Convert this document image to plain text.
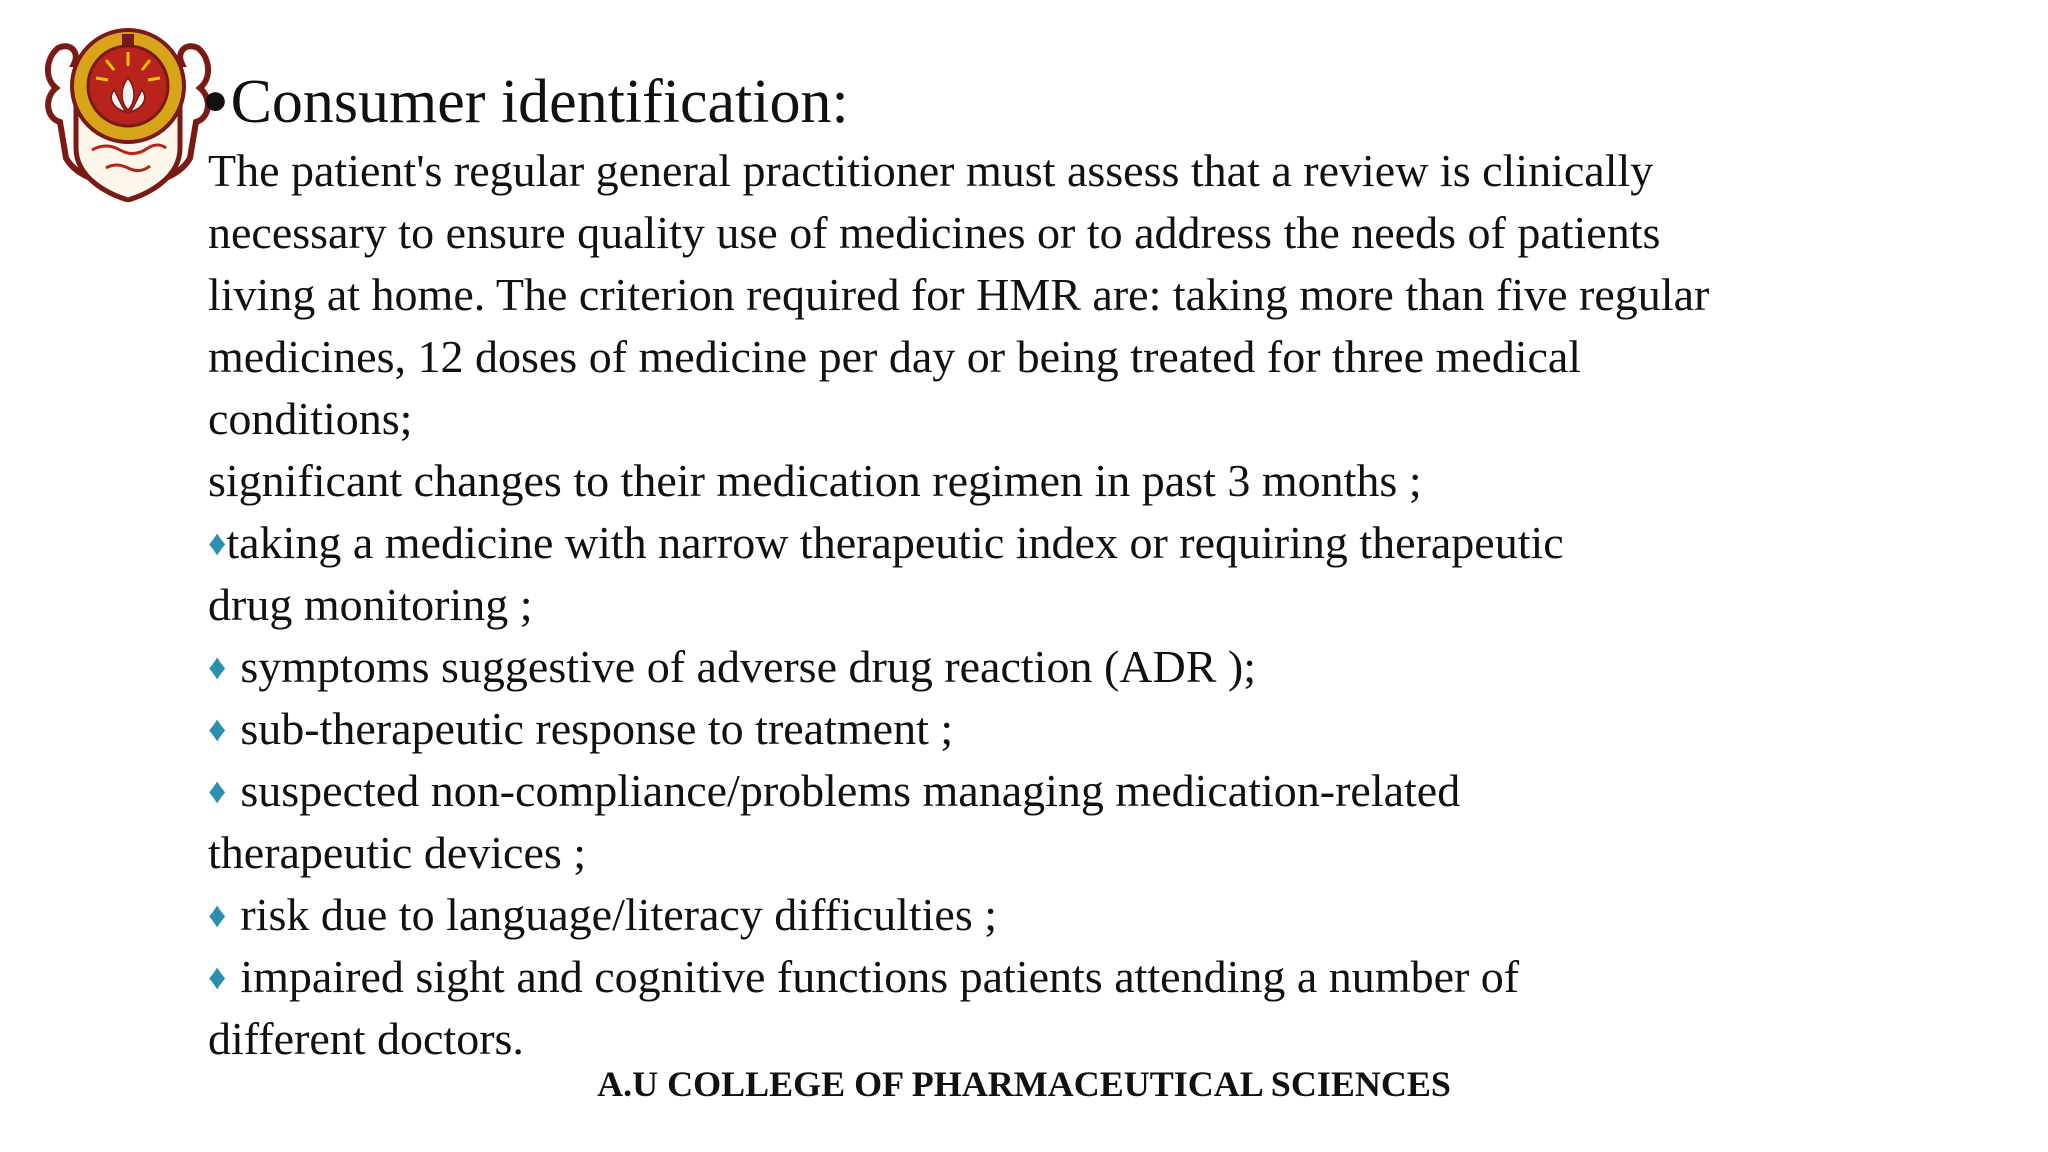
●Consumer identification:
The patient's regular general practitioner must assess that a review is clinically
necessary to ensure quality use of medicines or to address the needs of patients
living at home. The criterion required for HMR are: taking more than five regular
medicines, 12 doses of medicine per day or being treated for three medical
conditions;
significant changes to their medication regimen in past 3 months ;
♦taking a medicine with narrow therapeutic index or requiring therapeutic
drug monitoring ;
♦ symptoms suggestive of adverse drug reaction (ADR );
♦ sub-therapeutic response to treatment ;
♦ suspected non-compliance/problems managing medication-related
therapeutic devices ;
♦ risk due to language/literacy difficulties ;
♦ impaired sight and cognitive functions patients attending a number of
different doctors.
A.U COLLEGE OF PHARMACEUTICAL SCIENCES
